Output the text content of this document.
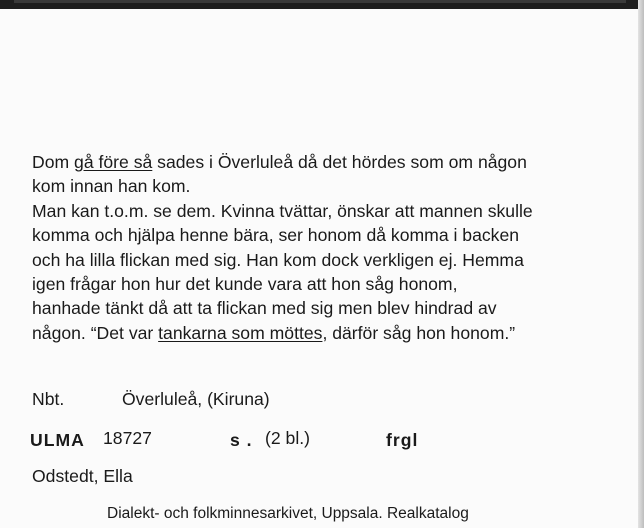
Dom gå före så sades i Överluleå då det hördes som om någon
kom innan han kom.
Man kan t.o.m. se dem. Kvinna tvättar, önskar att mannen skulle
komma och hjälpa henne bära, ser honom då komma i backen
och ha lilla flickan med sig. Han kom dock verkligen ej. Hemma
igen frågar hon hur det kunde vara att hon såg honom,
hanhade tänkt då att ta flickan med sig men blev hindrad av
någon. “Det var tankarna som möttes, därför såg hon honom.”
Nbt.	Överluleå, (Kiruna)
ULMA 18727	s . (2 bl.)	frgl
Odstedt, Ella
Dialekt- och folkminnesarkivet, Uppsala. Realkatalog
